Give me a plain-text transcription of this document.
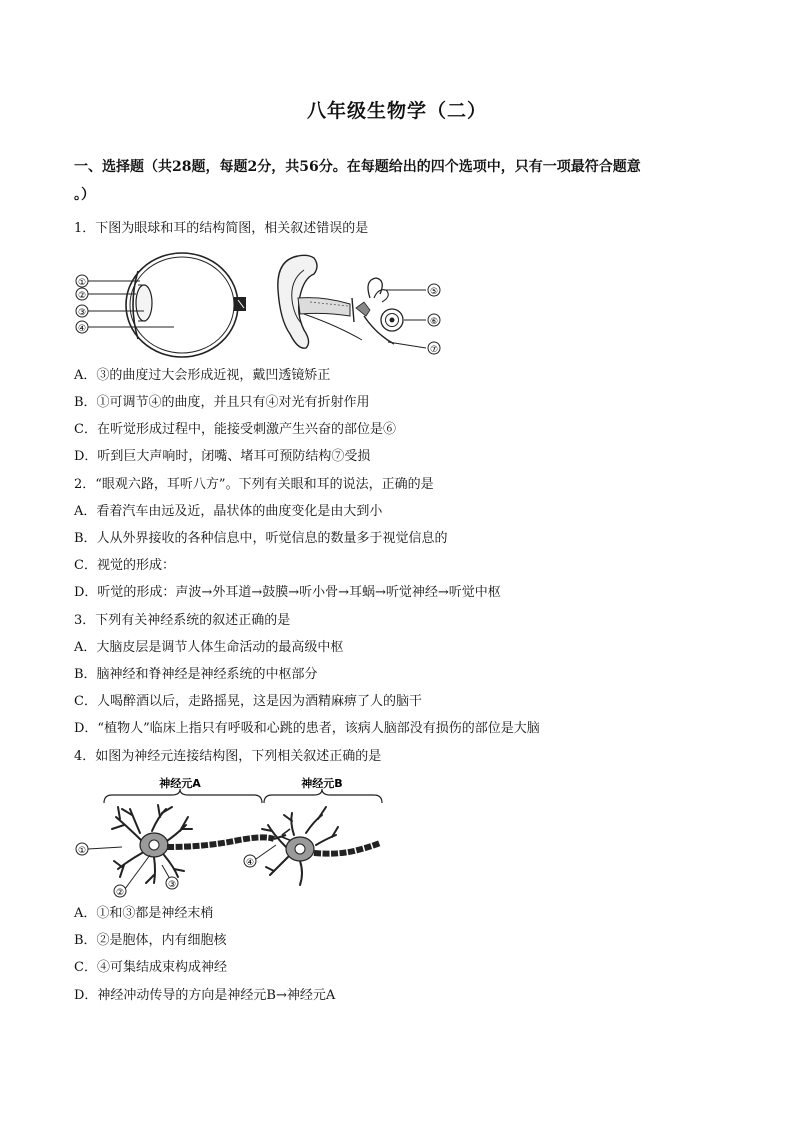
八年级生物学（二）
一、选择题（共28题，每题2分，共56分。在每题给出的四个选项中，只有一项最符合题意
。）
1．下图为眼球和耳的结构简图，相关叙述错误的是
①
②
③
④
⑤
⑥
⑦
A．③的曲度过大会形成近视，戴凹透镜矫正
B．①可调节④的曲度，并且只有④对光有折射作用
C．在听觉形成过程中，能接受刺激产生兴奋的部位是⑥
D．听到巨大声响时，闭嘴、堵耳可预防结构⑦受损
2．“眼观六路，耳听八方”。下列有关眼和耳的说法，正确的是
A．看着汽车由远及近，晶状体的曲度变化是由大到小
B．人从外界接收的各种信息中，听觉信息的数量多于视觉信息的
C．视觉的形成：
D．听觉的形成：声波→外耳道→鼓膜→听小骨→耳蜗→听觉神经→听觉中枢
3．下列有关神经系统的叙述正确的是
A．大脑皮层是调节人体生命活动的最高级中枢
B．脑神经和脊神经是神经系统的中枢部分
C．人喝醉酒以后，走路摇晃，这是因为酒精麻痹了人的脑干
D．“植物人”临床上指只有呼吸和心跳的患者，该病人脑部没有损伤的部位是大脑
4．如图为神经元连接结构图，下列相关叙述正确的是
神经元A	神经元B
①
②
③
④
A．①和③都是神经末梢
B．②是胞体，内有细胞核
C．④可集结成束构成神经
D．神经冲动传导的方向是神经元B→神经元A
